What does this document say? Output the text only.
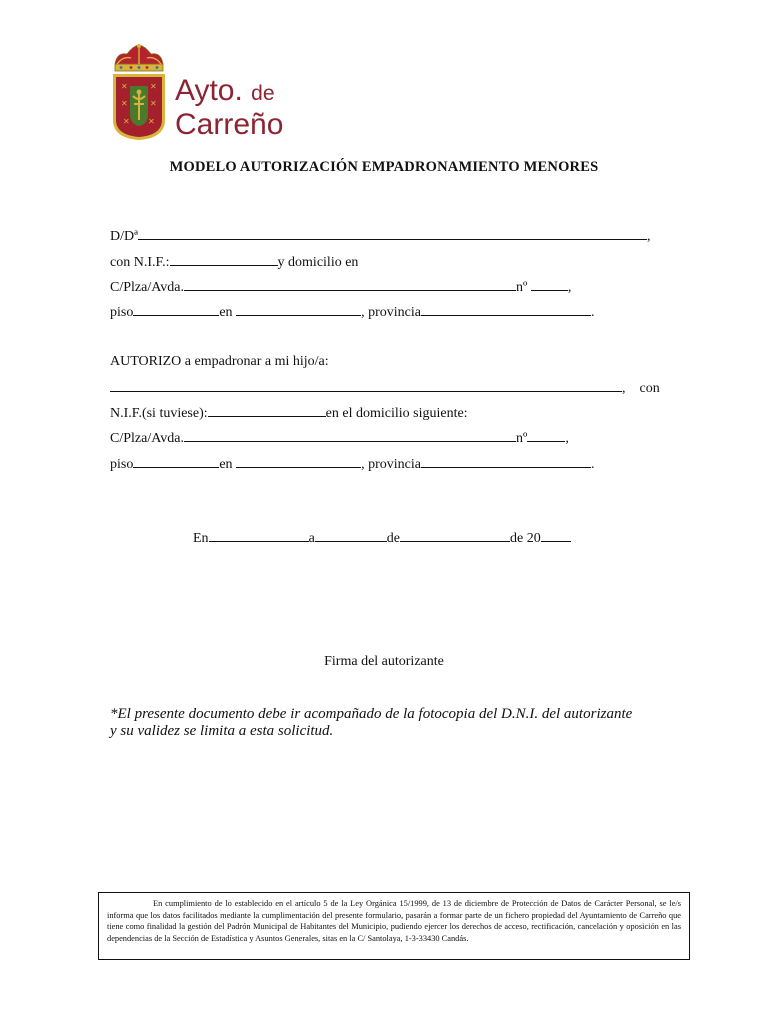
✕	✕
✕	✕
✕ ✕
Ayto. de
Carreño
MODELO AUTORIZACIÓN EMPADRONAMIENTO MENORES
D/Dª	,
con N.I.F.:	y domicilio en
C/Plza/Avda.	nº	,
piso	en	, provincia	.
AUTORIZO a empadronar a mi hijo/a:
,    con
N.I.F.(si tuviese):	en el domicilio siguiente:
C/Plza/Avda.	nº	,
piso	en	, provincia	.
En	a	de	de 20
Firma del autorizante
*El presente documento debe ir acompañado de la fotocopia del D.N.I. del autorizante
y su validez se limita a esta solicitud.
En cumplimiento de lo establecido en el artículo 5 de la Ley Orgánica 15/1999, de 13 de diciembre de Protección de Datos de Carácter Personal, se le/s informa que los datos facilitados mediante la cumplimentación del presente formulario, pasarán a formar parte de un fichero propiedad del Ayuntamiento de Carreño que tiene como finalidad la gestión del Padrón Municipal de Habitantes del Municipio, pudiendo ejercer los derechos de acceso, rectificación, cancelación y oposición en las dependencias de la Sección de Estadística y Asuntos Generales, sitas en la C/ Santolaya, 1-3-33430 Candás.
